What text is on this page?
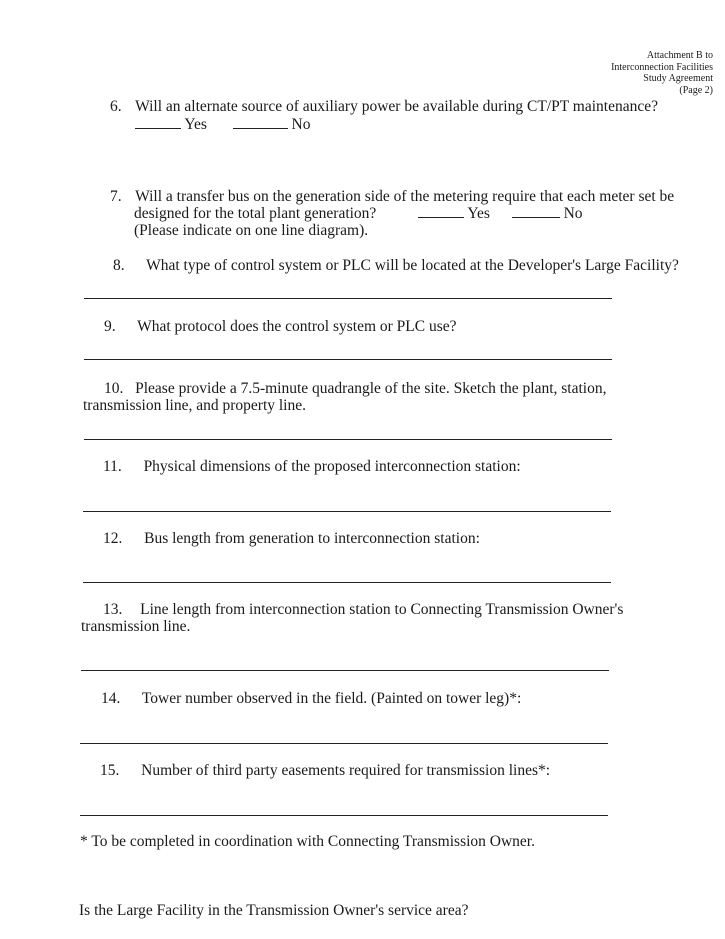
Attachment B to
Interconnection Facilities
Study Agreement
(Page 2)
6. Will an alternate source of auxiliary power be available during CT/PT maintenance?
Yes	No
7. Will a transfer bus on the generation side of the metering require that each meter set be
designed for the total plant generation?	Yes	No
(Please indicate on one line diagram).
8. What type of control system or PLC will be located at the Developer's Large Facility?
9. What protocol does the control system or PLC use?
10. Please provide a 7.5-minute quadrangle of the site. Sketch the plant, station,
transmission line, and property line.
11. Physical dimensions of the proposed interconnection station:
12. Bus length from generation to interconnection station:
13. Line length from interconnection station to Connecting Transmission Owner's
transmission line.
14. Tower number observed in the field. (Painted on tower leg)*:
15. Number of third party easements required for transmission lines*:
* To be completed in coordination with Connecting Transmission Owner.
Is the Large Facility in the Transmission Owner's service area?
